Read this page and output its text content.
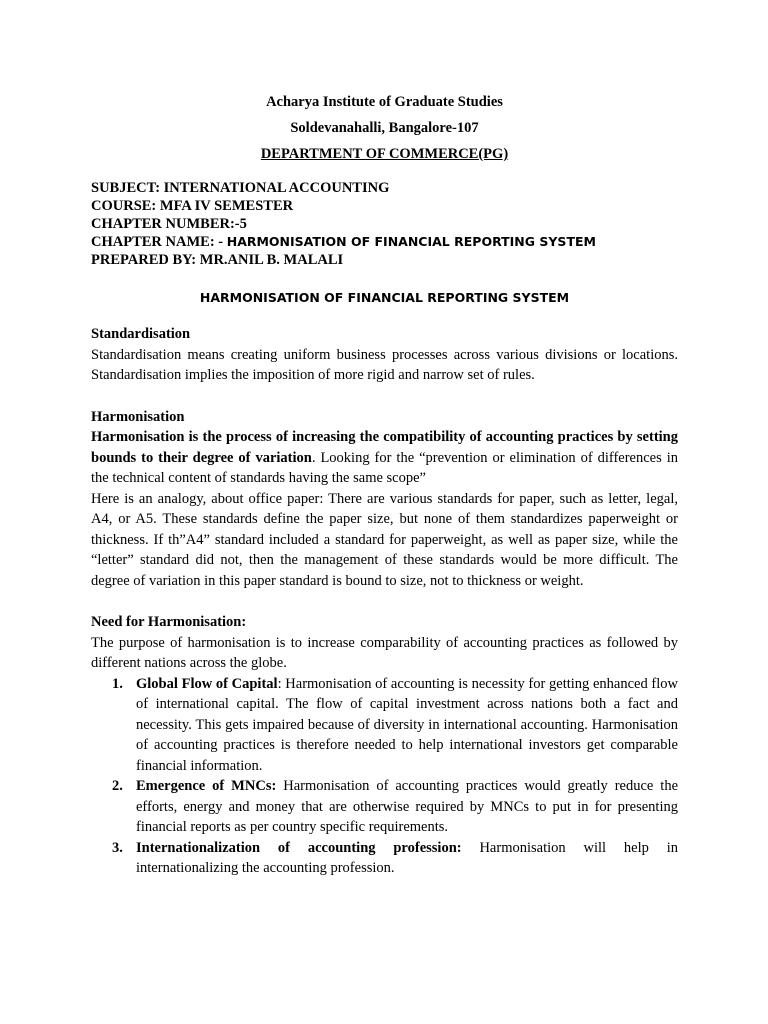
Acharya Institute of Graduate Studies
Soldevanahalli, Bangalore-107
DEPARTMENT OF COMMERCE(PG)
SUBJECT: INTERNATIONAL ACCOUNTING
COURSE: MFA IV SEMESTER
CHAPTER NUMBER:-5
CHAPTER NAME: - HARMONISATION OF FINANCIAL REPORTING SYSTEM
PREPARED BY: MR.ANIL B. MALALI
HARMONISATION OF FINANCIAL REPORTING SYSTEM
Standardisation

Standardisation means creating uniform business processes across various divisions or locations. Standardisation implies the imposition of more rigid and narrow set of rules.

Harmonisation

Harmonisation is the process of increasing the compatibility of accounting practices by setting bounds to their degree of variation. Looking for the “prevention or elimination of differences in the technical content of standards having the same scope”

Here is an analogy, about office paper: There are various standards for paper, such as letter, legal, A4, or A5. These standards define the paper size, but none of them standardizes paperweight or thickness. If th”A4” standard included a standard for paperweight, as well as paper size, while the “letter” standard did not, then the management of these standards would be more difficult. The degree of variation in this paper standard is bound to size, not to thickness or weight.

Need for Harmonisation:

The purpose of harmonisation is to increase comparability of accounting practices as followed by different nations across the globe.

1. Global Flow of Capital: Harmonisation of accounting is necessity for getting enhanced flow of international capital. The flow of capital investment across nations both a fact and necessity. This gets impaired because of diversity in international accounting. Harmonisation of accounting practices is therefore needed to help international investors get comparable financial information.
2. Emergence of MNCs: Harmonisation of accounting practices would greatly reduce the efforts, energy and money that are otherwise required by MNCs to put in for presenting financial reports as per country specific requirements.
3. Internationalization of accounting profession: Harmonisation will help in internationalizing the accounting profession.
